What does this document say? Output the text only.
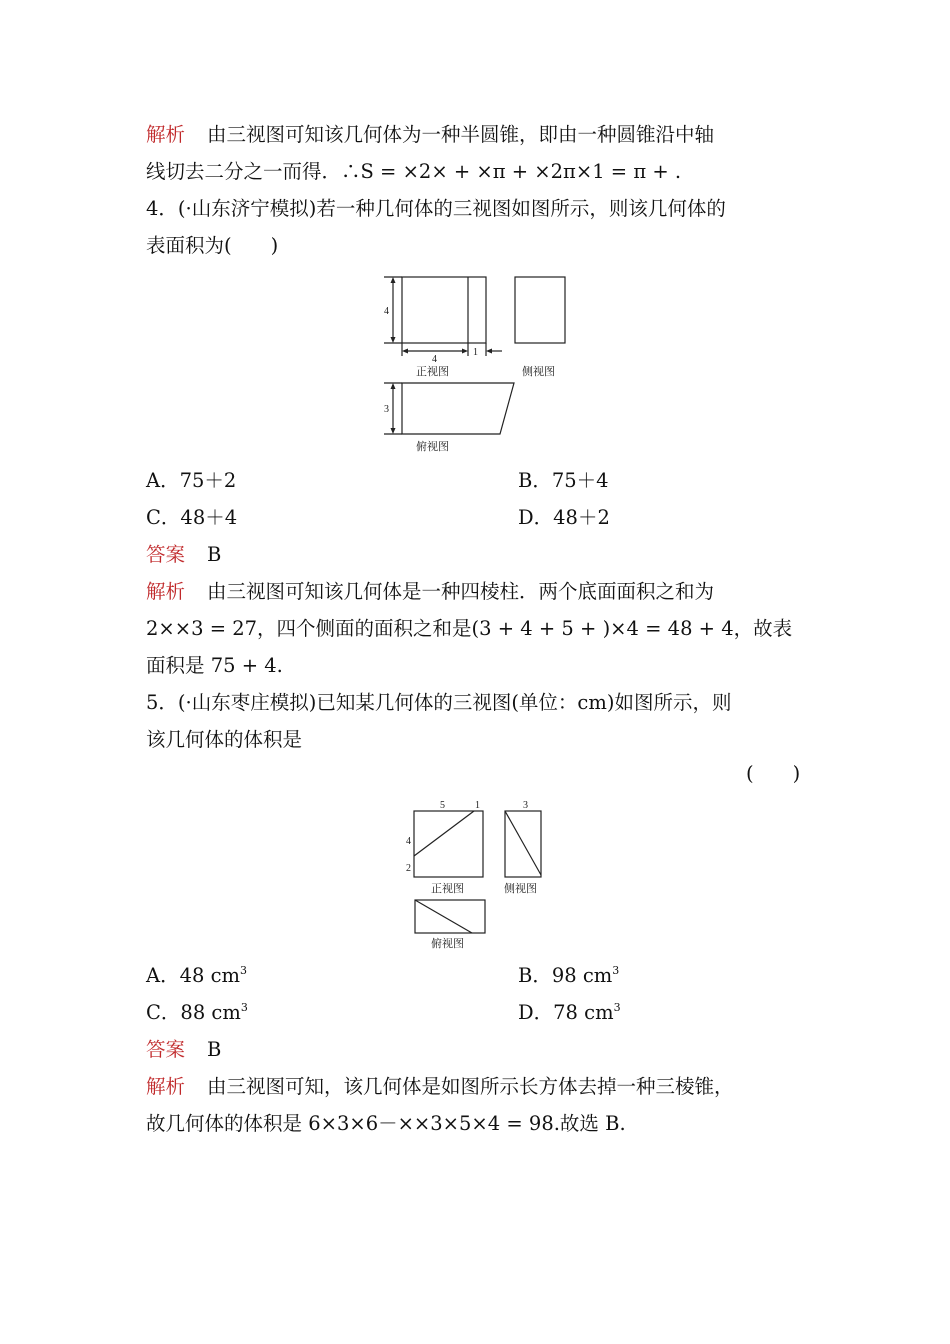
解析 由三视图可知该几何体为一种半圆锥，即由一种圆锥沿中轴
线切去二分之一而得．∴S = ×2× + ×π + ×2π×1 = π + .
4．(·山东济宁模拟)若一种几何体的三视图如图所示，则该几何体的
表面积为(　　)
4
4
1
3
正视图	侧视图
俯视图
A．75＋2	B．75＋4
C．48＋4	D．48＋2
答案 B
解析 由三视图可知该几何体是一种四棱柱．两个底面面积之和为
2××3 = 27，四个侧面的面积之和是(3 + 4 + 5 + )×4 = 48 + 4，故表
面积是 75 + 4.
5．(·山东枣庄模拟)已知某几何体的三视图(单位：cm)如图所示，则
该几何体的体积是
(　　)
5	1	3
4
2
正视图	侧视图
俯视图
A．48 $cm^3$	B．98 $cm^3$
C．88 $cm^3$	D．78 $cm^3$
答案 B
解析 由三视图可知，该几何体是如图所示长方体去掉一种三棱锥，
故几何体的体积是 6×3×6－××3×5×4 = 98.故选 B.
